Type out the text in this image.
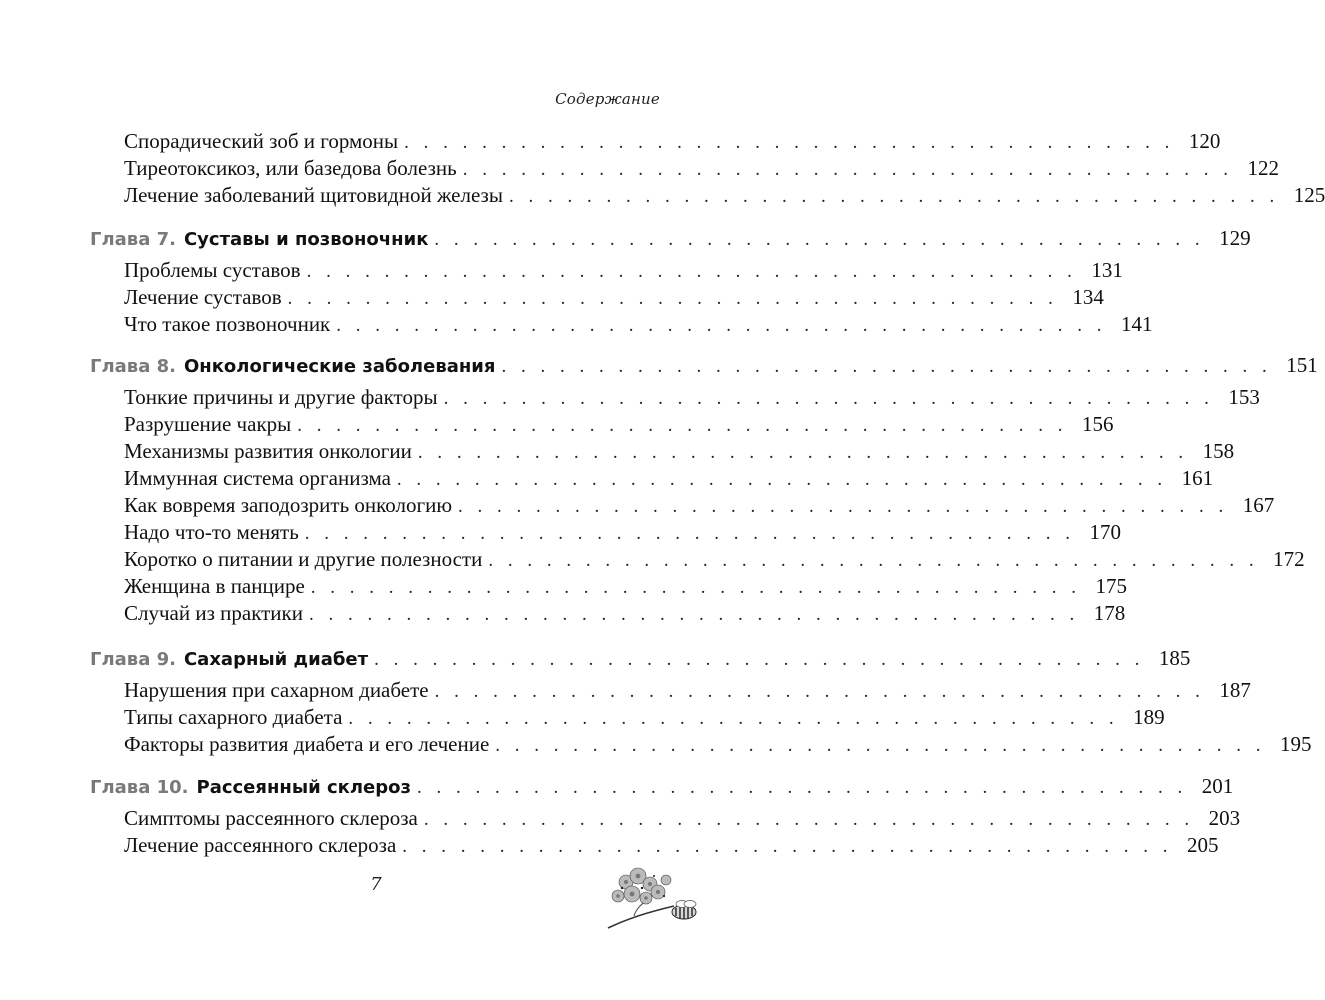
Содержание
Спорадический зоб и гормоны . . . . . . . . . . . . . . . . . . . . . . . . . . . . . . . . . . . . . . . . 120
Тиреотоксикоз, или базедова болезнь . . . . . . . . . . . . . . . . . . . . . . . . . . . . . . . . . . . . . . . . 122
Лечение заболеваний щитовидной железы . . . . . . . . . . . . . . . . . . . . . . . . . . . . . . . . . . . . . . . . 125
Глава 7. Суставы и позвоночник . . . . . . . . . . . . . . . . . . . . . . . . . . . . . . . . . . . . . . . . 129
Проблемы суставов . . . . . . . . . . . . . . . . . . . . . . . . . . . . . . . . . . . . . . . . 131
Лечение суставов . . . . . . . . . . . . . . . . . . . . . . . . . . . . . . . . . . . . . . . . 134
Что такое позвоночник . . . . . . . . . . . . . . . . . . . . . . . . . . . . . . . . . . . . . . . . 141
Глава 8. Онкологические заболевания . . . . . . . . . . . . . . . . . . . . . . . . . . . . . . . . . . . . . . . . 151
Тонкие причины и другие факторы . . . . . . . . . . . . . . . . . . . . . . . . . . . . . . . . . . . . . . . . 153
Разрушение чакры . . . . . . . . . . . . . . . . . . . . . . . . . . . . . . . . . . . . . . . . 156
Механизмы развития онкологии . . . . . . . . . . . . . . . . . . . . . . . . . . . . . . . . . . . . . . . . 158
Иммунная система организма . . . . . . . . . . . . . . . . . . . . . . . . . . . . . . . . . . . . . . . . 161
Как вовремя заподозрить онкологию . . . . . . . . . . . . . . . . . . . . . . . . . . . . . . . . . . . . . . . . 167
Надо что-то менять . . . . . . . . . . . . . . . . . . . . . . . . . . . . . . . . . . . . . . . . 170
Коротко о питании и другие полезности . . . . . . . . . . . . . . . . . . . . . . . . . . . . . . . . . . . . . . . . 172
Женщина в панцире . . . . . . . . . . . . . . . . . . . . . . . . . . . . . . . . . . . . . . . . 175
Случай из практики . . . . . . . . . . . . . . . . . . . . . . . . . . . . . . . . . . . . . . . . 178
Глава 9. Сахарный диабет . . . . . . . . . . . . . . . . . . . . . . . . . . . . . . . . . . . . . . . . 185
Нарушения при сахарном диабете . . . . . . . . . . . . . . . . . . . . . . . . . . . . . . . . . . . . . . . . 187
Типы сахарного диабета . . . . . . . . . . . . . . . . . . . . . . . . . . . . . . . . . . . . . . . . 189
Факторы развития диабета и его лечение . . . . . . . . . . . . . . . . . . . . . . . . . . . . . . . . . . . . . . . . 195
Глава 10. Рассеянный склероз . . . . . . . . . . . . . . . . . . . . . . . . . . . . . . . . . . . . . . . . 201
Симптомы рассеянного склероза . . . . . . . . . . . . . . . . . . . . . . . . . . . . . . . . . . . . . . . . 203
Лечение рассеянного склероза . . . . . . . . . . . . . . . . . . . . . . . . . . . . . . . . . . . . . . . . 205
7
